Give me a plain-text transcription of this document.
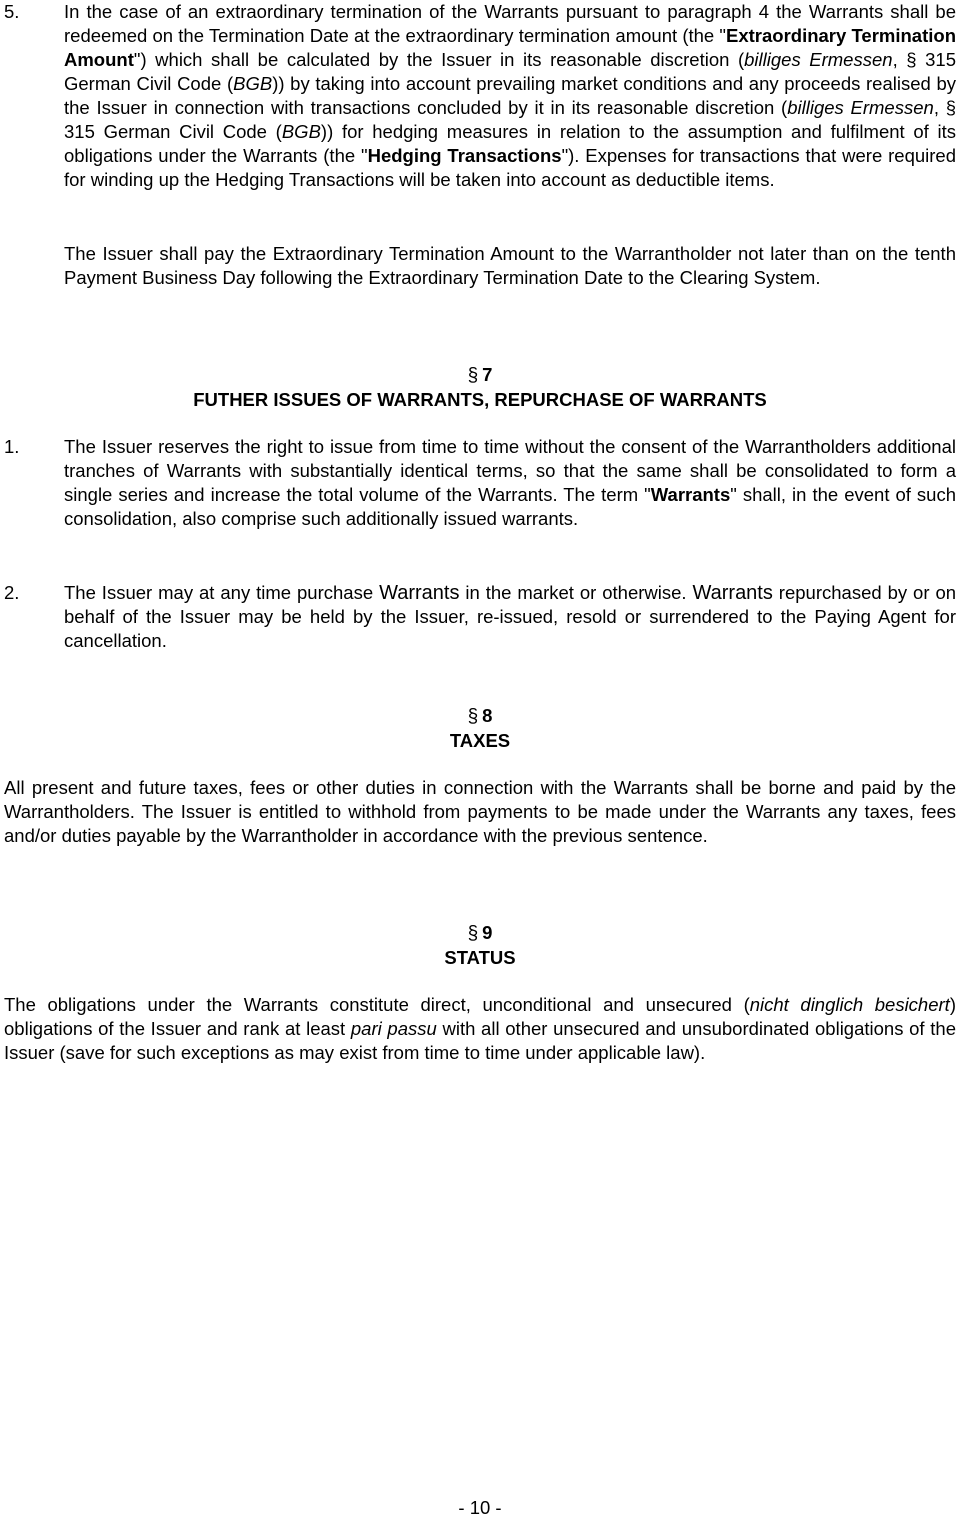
5. In the case of an extraordinary termination of the Warrants pursuant to paragraph 4 the Warrants shall be redeemed on the Termination Date at the extraordinary termination amount (the "Extraordinary Termination Amount") which shall be calculated by the Issuer in its reasonable discretion (billiges Ermessen, § 315 German Civil Code (BGB)) by taking into account prevailing market conditions and any proceeds realised by the Issuer in connection with transactions concluded by it in its reasonable discretion (billiges Ermessen, § 315 German Civil Code (BGB)) for hedging measures in relation to the assumption and fulfilment of its obligations under the Warrants (the "Hedging Transactions"). Expenses for transactions that were required for winding up the Hedging Transactions will be taken into account as deductible items.

The Issuer shall pay the Extraordinary Termination Amount to the Warrantholder not later than on the tenth Payment Business Day following the Extraordinary Termination Date to the Clearing System.

§ 7
FUTHER ISSUES OF WARRANTS, REPURCHASE OF WARRANTS
1. The Issuer reserves the right to issue from time to time without the consent of the Warrantholders additional tranches of Warrants with substantially identical terms, so that the same shall be consolidated to form a single series and increase the total volume of the Warrants. The term "Warrants" shall, in the event of such consolidation, also comprise such additionally issued warrants.

2. The Issuer may at any time purchase Warrants in the market or otherwise. Warrants repurchased by or on behalf of the Issuer may be held by the Issuer, re-issued, resold or surrendered to the Paying Agent for cancellation.

§ 8
TAXES

All present and future taxes, fees or other duties in connection with the Warrants shall be borne and paid by the Warrantholders. The Issuer is entitled to withhold from payments to be made under the Warrants any taxes, fees and/or duties payable by the Warrantholder in accordance with the previous sentence.

§ 9
STATUS

The obligations under the Warrants constitute direct, unconditional and unsecured (nicht dinglich besichert) obligations of the Issuer and rank at least pari passu with all other unsecured and unsubordinated obligations of the Issuer (save for such exceptions as may exist from time to time under applicable law).

- 10 -
